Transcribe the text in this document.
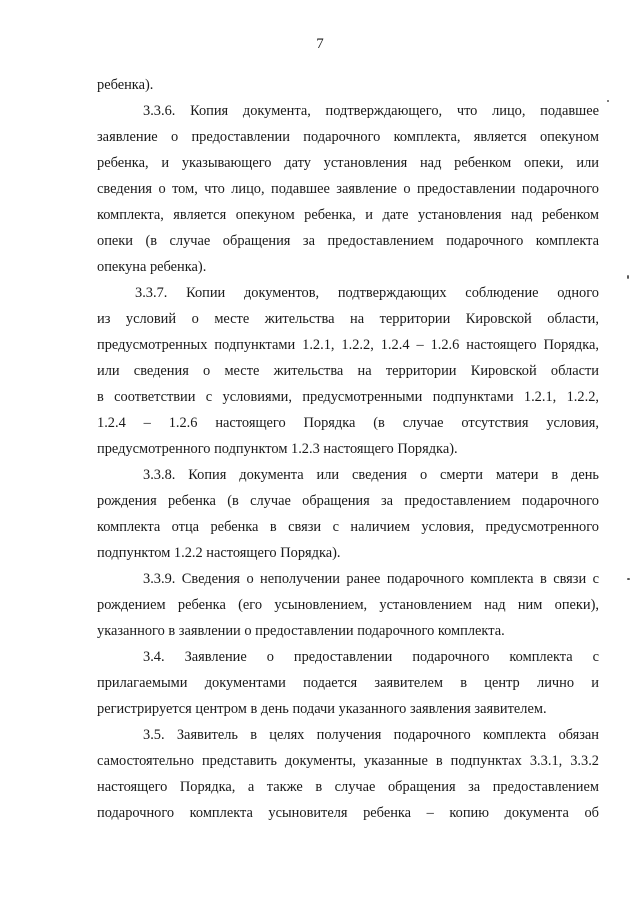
7
ребенка).
3.3.6. Копия документа, подтверждающего, что лицо, подавшее
заявление о предоставлении подарочного комплекта, является опекуном
ребенка, и указывающего дату установления над ребенком опеки, или
сведения о том, что лицо, подавшее заявление о предоставлении подарочного
комплекта, является опекуном ребенка, и дате установления над ребенком
опеки (в случае обращения за предоставлением подарочного комплекта
опекуна ребенка).
3.3.7. Копии документов, подтверждающих соблюдение одного
из условий о месте жительства на территории Кировской области,
предусмотренных подпунктами 1.2.1, 1.2.2, 1.2.4 – 1.2.6 настоящего Порядка,
или сведения о месте жительства на территории Кировской области
в соответствии с условиями, предусмотренными подпунктами 1.2.1, 1.2.2,
1.2.4 – 1.2.6 настоящего Порядка (в случае отсутствия условия,
предусмотренного подпунктом 1.2.3 настоящего Порядка).
3.3.8. Копия документа или сведения о смерти матери в день
рождения ребенка (в случае обращения за предоставлением подарочного
комплекта отца ребенка в связи с наличием условия, предусмотренного
подпунктом 1.2.2 настоящего Порядка).
3.3.9. Сведения о неполучении ранее подарочного комплекта в связи с
рождением ребенка (его усыновлением, установлением над ним опеки),
указанного в заявлении о предоставлении подарочного комплекта.
3.4. Заявление о предоставлении подарочного комплекта с
прилагаемыми документами подается заявителем в центр лично и
регистрируется центром в день подачи указанного заявления заявителем.
3.5. Заявитель в целях получения подарочного комплекта обязан
самостоятельно представить документы, указанные в подпунктах 3.3.1, 3.3.2
настоящего Порядка, а также в случае обращения за предоставлением
подарочного комплекта усыновителя ребенка – копию документа об
